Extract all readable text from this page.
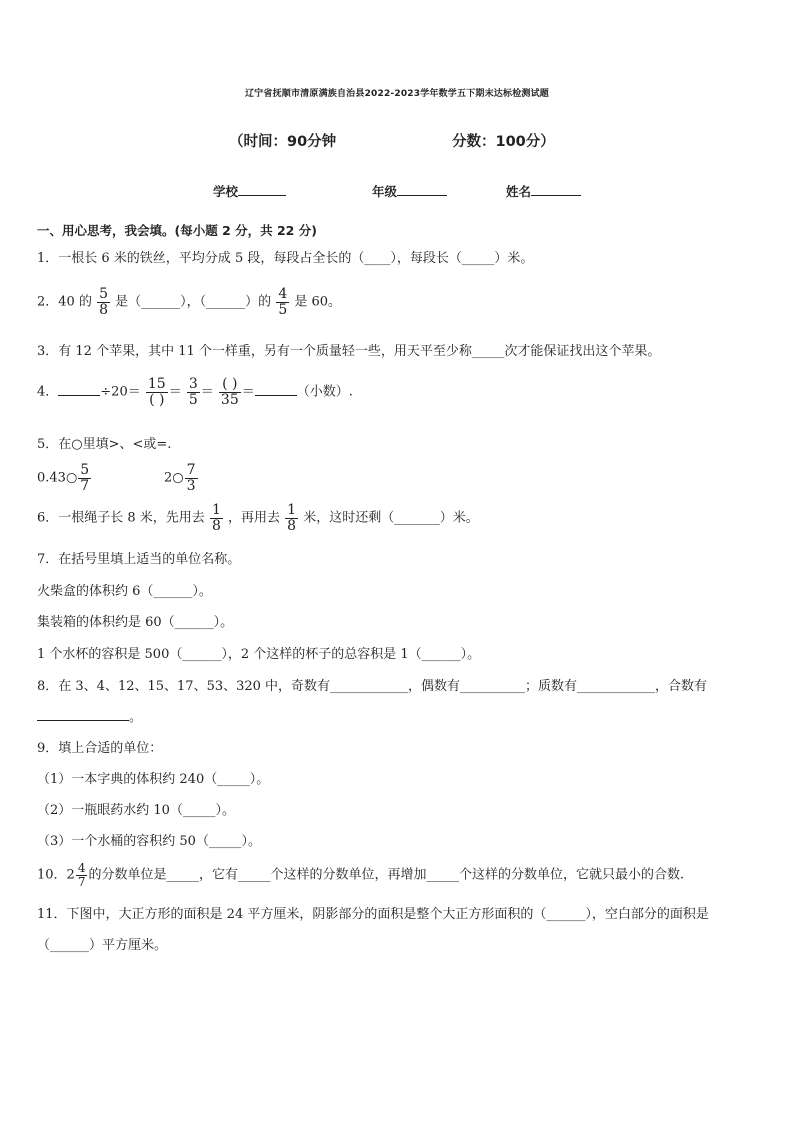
辽宁省抚顺市清原满族自治县2022-2023学年数学五下期末达标检测试题
（时间：90分钟	分数：100分）
学校	年级	姓名
一、用心思考，我会填。(每小题 2 分，共 22 分)
1．一根长 6 米的铁丝，平均分成 5 段，每段占全长的（____），每段长（_____）米。
2．40 的 $\frac{5}{8}$ 是（______），（______）的 $\frac{4}{5}$ 是 60。
3．有 12 个苹果，其中 11 个一样重，另有一个质量轻一些，用天平至少称_____次才能保证找出这个苹果。
4．	$\div 20= \frac{15}{( )} = \frac{3}{5} = \frac{( )}{35}$ ＝	（小数）.
5．在○里填>、<或=.
0.43○ $\frac{5}{7}$	2○ $\frac{7}{3}$
6．一根绳子长 8 米，先用去 $\frac{1}{8}$ ，再用去 $\frac{1}{8}$ 米，这时还剩（_______）米。
7．在括号里填上适当的单位名称。
火柴盒的体积约 6（______）。
集装箱的体积约是 60（______）。
1 个水杯的容积是 500（______），2 个这样的杯子的总容积是 1（______）。
8．在 3、4、12、15、17、53、320 中，奇数有____________，偶数有__________；质数有____________，合数有
。
9．填上合适的单位：
（1）一本字典的体积约 240（_____）。
（2）一瓶眼药水约 10（_____）。
（3）一个水桶的容积约 50（_____）。
10．$2 \frac{4}{7}$ 的分数单位是_____，它有_____个这样的分数单位，再增加_____个这样的分数单位，它就只最小的合数.
11．下图中，大正方形的面积是 24 平方厘米，阴影部分的面积是整个大正方形面积的（______），空白部分的面积是
（______）平方厘米。
